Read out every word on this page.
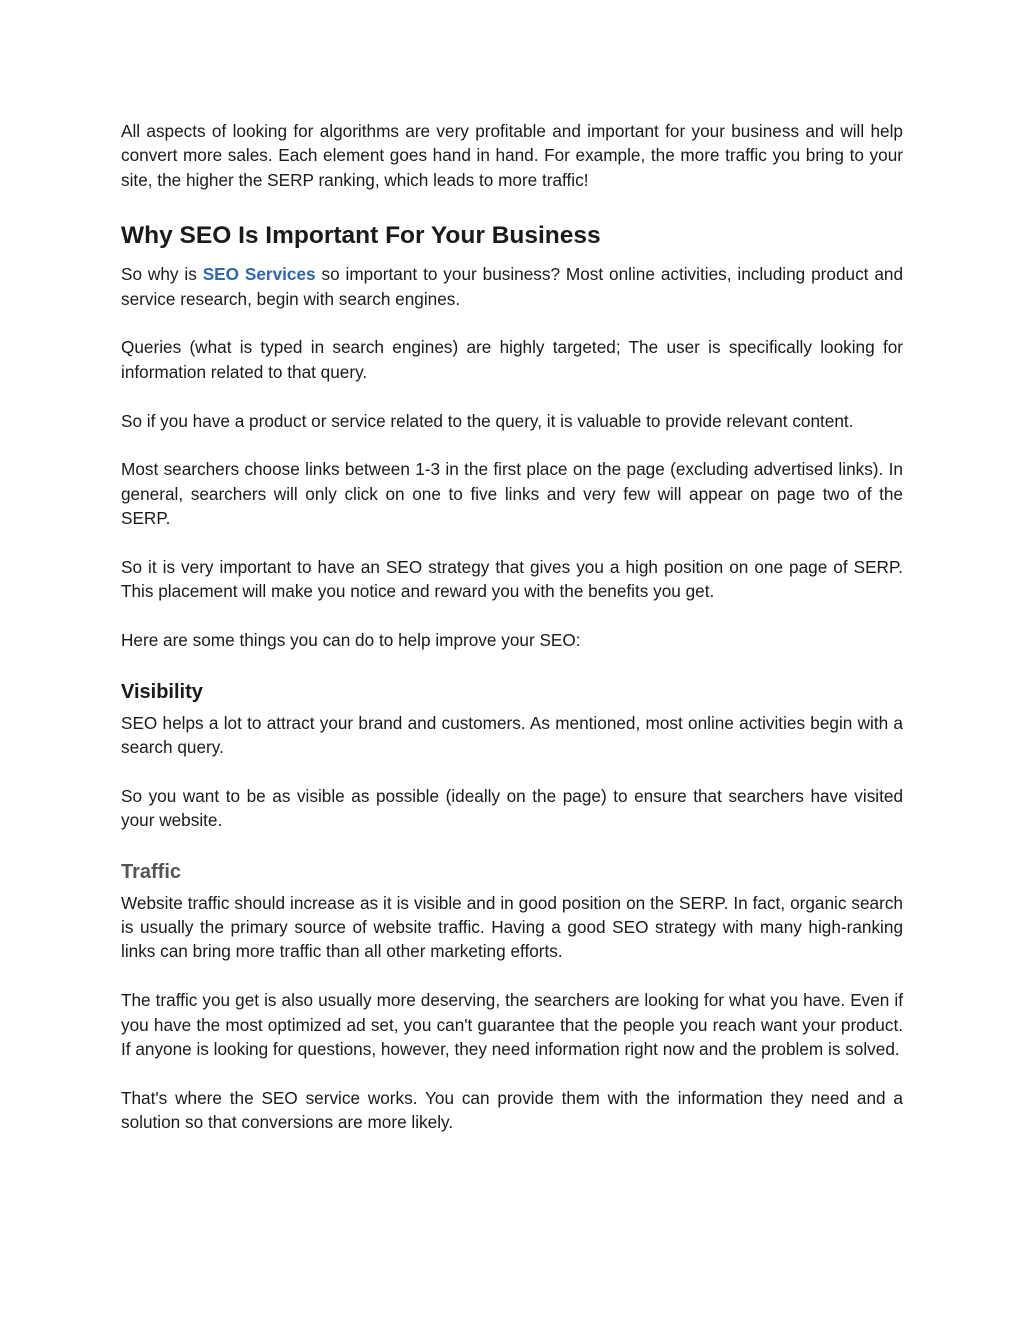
All aspects of looking for algorithms are very profitable and important for your business and will help convert more sales. Each element goes hand in hand. For example, the more traffic you bring to your site, the higher the SERP ranking, which leads to more traffic!

Why SEO Is Important For Your Business

So why is SEO Services so important to your business? Most online activities, including product and service research, begin with search engines.

Queries (what is typed in search engines) are highly targeted; The user is specifically looking for information related to that query.

So if you have a product or service related to the query, it is valuable to provide relevant content.

Most searchers choose links between 1-3 in the first place on the page (excluding advertised links). In general, searchers will only click on one to five links and very few will appear on page two of the SERP.

So it is very important to have an SEO strategy that gives you a high position on one page of SERP. This placement will make you notice and reward you with the benefits you get.

Here are some things you can do to help improve your SEO:

Visibility

SEO helps a lot to attract your brand and customers. As mentioned, most online activities begin with a search query.

So you want to be as visible as possible (ideally on the page) to ensure that searchers have visited your website.

Traffic

Website traffic should increase as it is visible and in good position on the SERP. In fact, organic search is usually the primary source of website traffic. Having a good SEO strategy with many high-ranking links can bring more traffic than all other marketing efforts.

The traffic you get is also usually more deserving, the searchers are looking for what you have. Even if you have the most optimized ad set, you can't guarantee that the people you reach want your product. If anyone is looking for questions, however, they need information right now and the problem is solved.

That's where the SEO service works. You can provide them with the information they need and a solution so that conversions are more likely.
